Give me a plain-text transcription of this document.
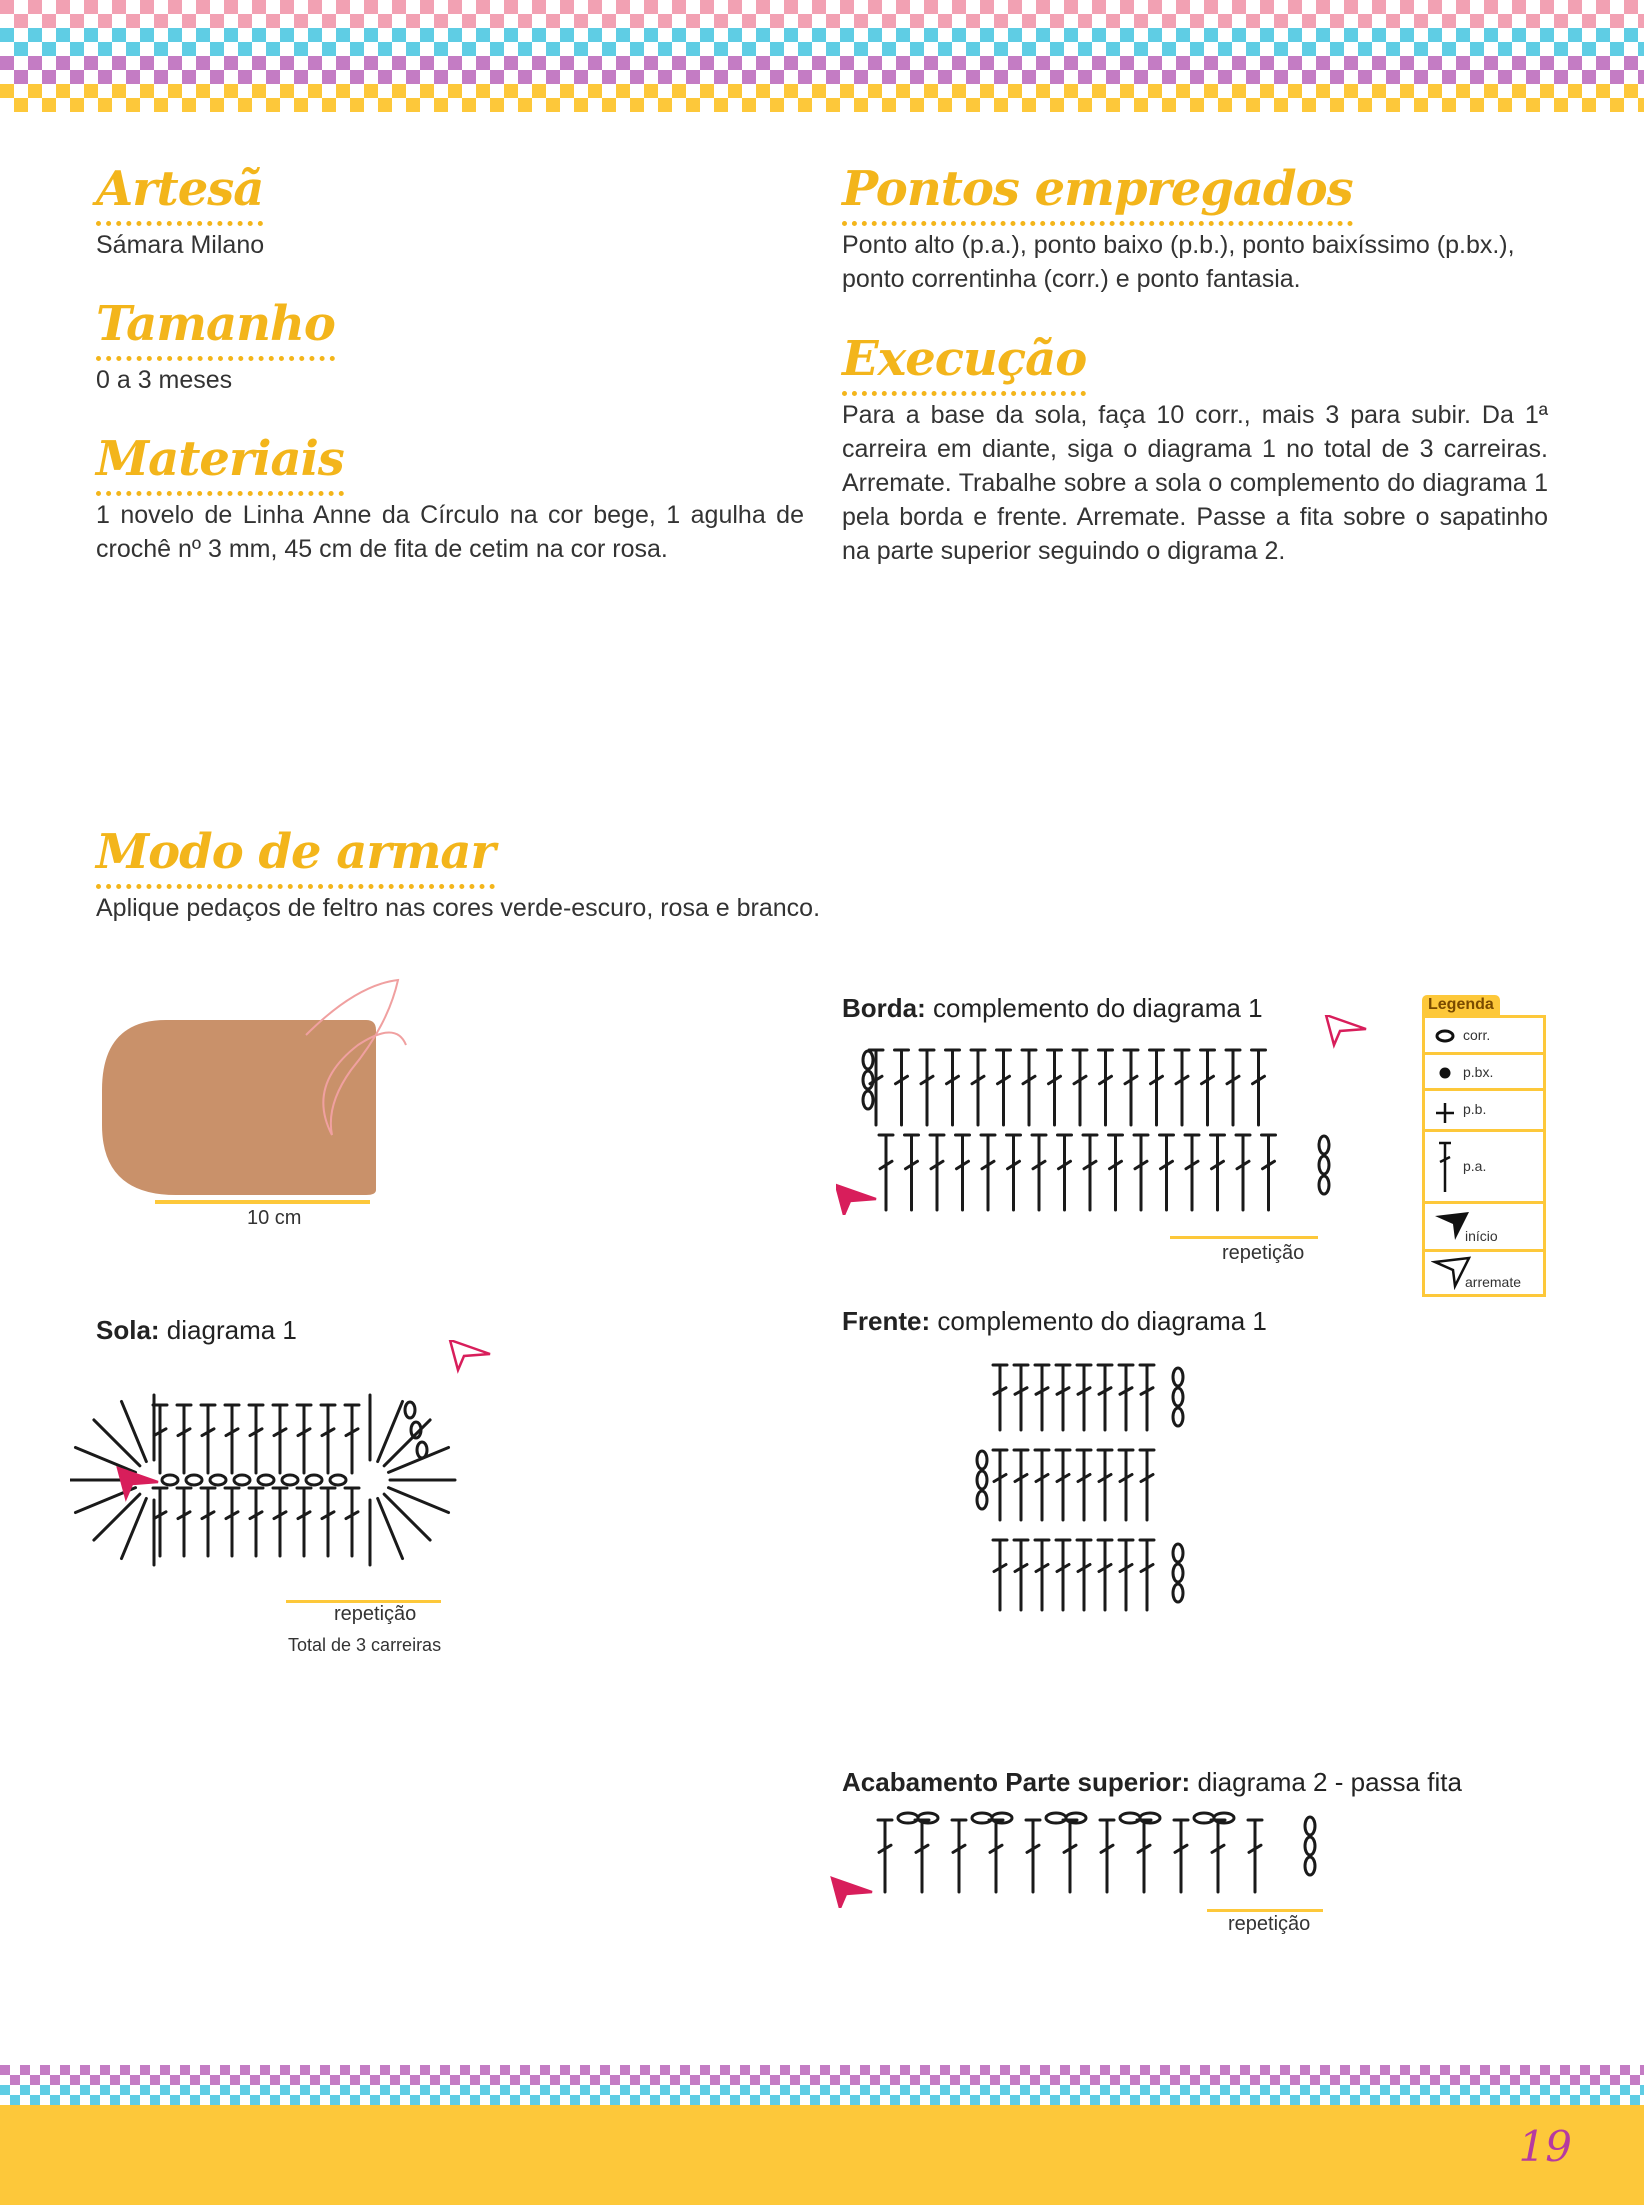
Artesã

Sámara Milano

Tamanho

0 a 3 meses

Materiais

1 novelo de Linha Anne da Círculo na cor bege, 1 agulha de crochê nº 3 mm, 45 cm de fita de cetim na cor rosa.

Pontos empregados

Ponto alto (p.a.), ponto baixo (p.b.), ponto baixíssimo (p.bx.), ponto correntinha (corr.) e ponto fantasia.

Execução

Para a base da sola, faça 10 corr., mais 3 para subir. Da 1ª carreira em diante, siga o diagrama 1 no total de 3 carreiras. Arremate. Trabalhe sobre a sola o complemento do diagrama 1 pela borda e frente. Arremate. Passe a fita sobre o sapatinho na parte superior seguindo o digrama 2.

Modo de armar

Aplique pedaços de feltro nas cores verde-escuro, rosa e branco.

10 cm
Borda: complemento do diagrama 1
repetição
Legenda
corr.
p.bx.
p.b.
p.a.
início
arremate
Sola: diagrama 1
repetição
Total de 3 carreiras
Frente: complemento do diagrama 1
Acabamento Parte superior: diagrama 2 - passa fita
repetição
19
